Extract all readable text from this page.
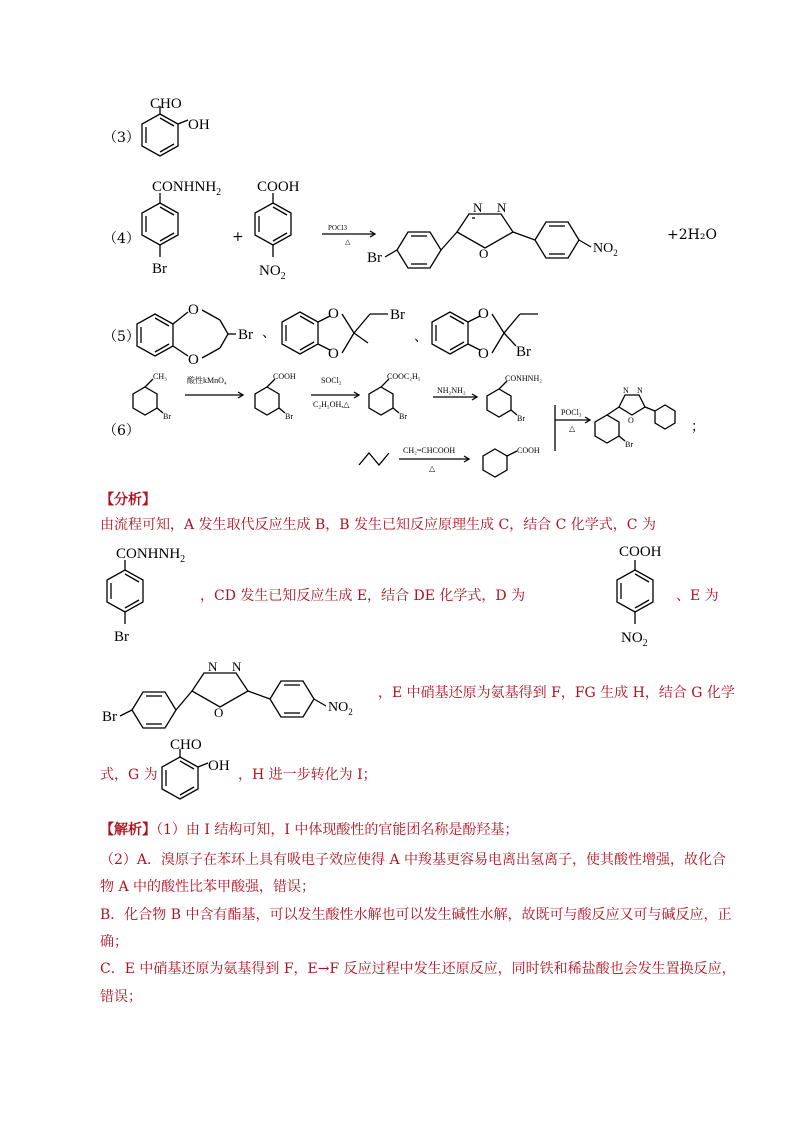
（3）
CHO
OH
（4）
$CONHNH_2$
Br
+
COOH
$NO_2$
POCl3
△
Br
N N
O	$NO_2$
+2H₂O
（5）
O
O
Br 、
O
O
Br
、
O
O Br
（6）
CH₃
Br
酸性kMnO₄	COOH
Br
SOCl₂
C₂H₅OH,△
COOC₂H₅
Br
NH₂NH₂
CONHNH₂
Br
POCl₃
△
Br
N N
O	；
CH₂=CHCOOH
△
COOH
【分析】
由流程可知，A 发生取代反应生成 B，B 发生已知反应原理生成 C，结合 C 化学式，C 为
$CONHNH_2$
Br
，CD 发生已知反应生成 E，结合 DE 化学式，D 为
COOH
$NO_2$
、E 为
Br
N N
O	$NO_2$
，E 中硝基还原为氨基得到 F，FG 生成 H，结合 G 化学
式，G 为
CHO
OH
，H 进一步转化为 I；
【解析】（1）由 I 结构可知，I 中体现酸性的官能团名称是酚羟基；
（2）A．溴原子在苯环上具有吸电子效应使得 A 中羧基更容易电离出氢离子，使其酸性增强，故化合
物 A 中的酸性比苯甲酸强，错误；
B．化合物 B 中含有酯基，可以发生酸性水解也可以发生碱性水解，故既可与酸反应又可与碱反应，正
确；
C．E 中硝基还原为氨基得到 F，E→F 反应过程中发生还原反应，同时铁和稀盐酸也会发生置换反应，
错误；
